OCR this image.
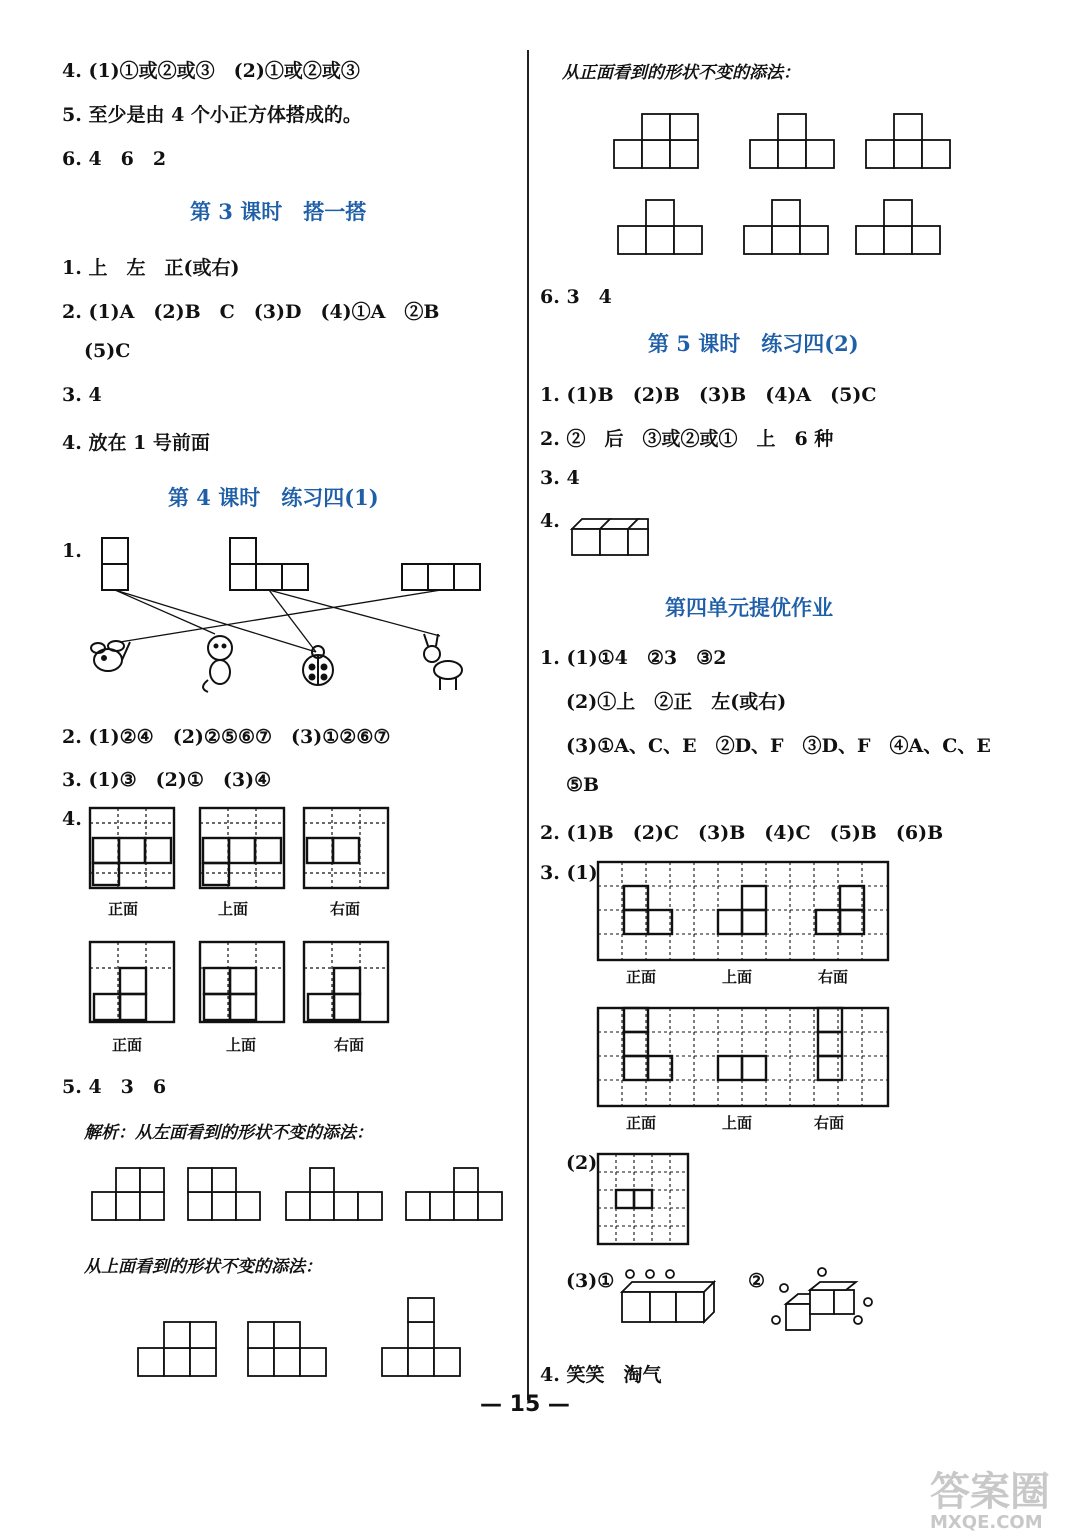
4. (1)①或②或③　(2)①或②或③
5. 至少是由 4 个小正方体搭成的。
6. 4　6　2
第 3 课时　搭一搭
1. 上　左　正(或右)
2. (1)A　(2)B　C　(3)D　(4)①A　②B
(5)C
3. 4
4. 放在 1 号前面
第 4 课时　练习四(1)
1.
2. (1)②④　(2)②⑤⑥⑦　(3)①②⑥⑦
3. (1)③　(2)①　(3)④
4.
正面	上面	右面
正面	上面	右面
5. 4　3　6
解析：从左面看到的形状不变的添法：
从上面看到的形状不变的添法：
从正面看到的形状不变的添法：
6. 3　4
第 5 课时　练习四(2)
1. (1)B　(2)B　(3)B　(4)A　(5)C
2. ②　后　③或②或①　上　6 种
3. 4
4.
第四单元提优作业
1. (1)①4　②3　③2
(2)①上　②正　左(或右)
(3)①A、C、E　②D、F　③D、F　④A、C、E
⑤B
2. (1)B　(2)C　(3)B　(4)C　(5)B　(6)B
3. (1)
正面	上面	右面
正面	上面	右面
(2)
(3)①	②
4. 笑笑　淘气
— 15 —
答案圈
MXQE.COM
